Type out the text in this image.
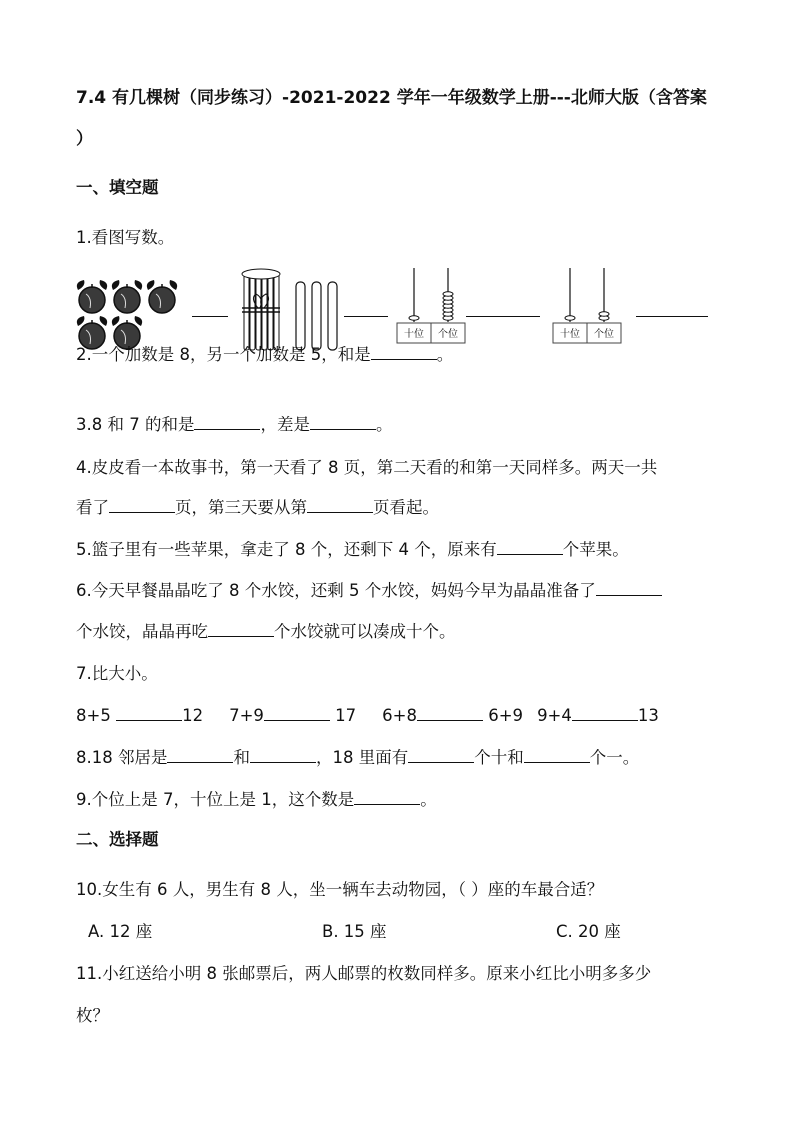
7.4 有几棵树（同步练习）-2021-2022 学年一年级数学上册---北师大版（含答案
）
一、填空题
1.看图写数。
十位 个位	十位 个位
2.一个加数是 8，另一个加数是 5，和是	。
3.8 和 7 的和是	，差是	。
4.皮皮看一本故事书，第一天看了 8 页，第二天看的和第一天同样多。两天一共
看了	页，第三天要从第	页看起。
5.篮子里有一些苹果，拿走了 8 个，还剩下 4 个，原来有	个苹果。
6.今天早餐晶晶吃了 8 个水饺，还剩 5 个水饺，妈妈今早为晶晶准备了
个水饺，晶晶再吃	个水饺就可以凑成十个。
7.比大小。
8+5	12 7+9	17 6+8	6+9 9+4	13
8.18 邻居是	和	，18 里面有	个十和	个一。
9.个位上是 7，十位上是 1，这个数是	。
二、选择题
10.女生有 6 人，男生有 8 人，坐一辆车去动物园，（ ）座的车最合适？
A. 12 座	B. 15 座	C. 20 座
11.小红送给小明 8 张邮票后，两人邮票的枚数同样多。原来小红比小明多多少
枚？
